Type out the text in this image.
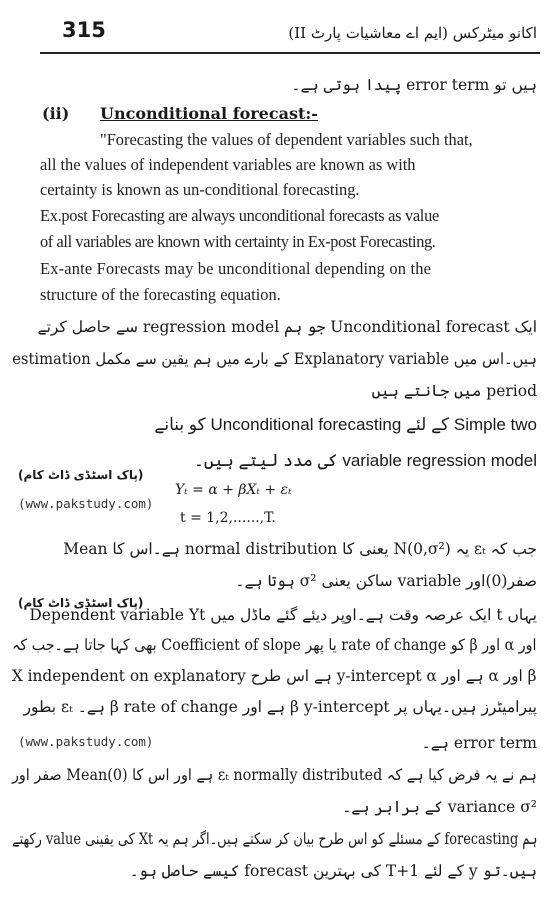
315	اکانو میٹرکس (ایم اے معاشیات پارٹ II)
ہیں تو error term پیدا ہوتی ہے۔
(ii) Unconditional forecast:-
"Forecasting the values of dependent variables such that,
all the values of independent variables are known as with
certainty is known as un-conditional forecasting.
Ex.post Forecasting are always unconditional forecasts as value
of all variables are known with certainty in Ex-post Forecasting.
Ex-ante Forecasts may be unconditional depending on the
structure of the forecasting equation.
ایک Unconditional forecast جو ہم regression model سے حاصل کرتے
ہیں۔اس میں Explanatory variable کے بارے میں ہم یقین سے مکمل estimation
period میں جانتے ہیں
Simple two کے لئے Unconditional forecasting کو بنانے
variable regression model کی مدد لیتے ہیں۔
(پاک اسٹڈی ڈاٹ کام)
(www.pakstudy.com)
Yₜ = α + βXₜ + εₜ
t = 1,2,......,T.
جب کہ εₜ یہ N(0,σ²) یعنی کا normal distribution ہے۔اس کا Mean
صفر(0)اور variable ساکن یعنی σ² ہوتا ہے۔
(پاک اسٹڈی ڈاٹ کام)
یہاں t ایک عرصہ وقت ہے۔اوپر دیئے گئے ماڈل میں Dependent variable Yt
اور α اور β کو rate of change یا پھر Coefficient of slope بھی کہا جاتا ہے۔جب کہ
β اور α ہے اور y-intercept α ہے اس طرح X independent on explanatory
پیرامیٹرز ہیں۔یہاں پر β y-intercept ہے اور β rate of change ہے۔ εₜ بطور
(www.pakstudy.com)	error term ہے۔
ہم نے یہ فرض کیا ہے کہ εₜ normally distributed ہے اور اس کا Mean(0) صفر اور
variance σ² کے برابر ہے۔
ہم forecasting کے مسئلے کو اس طرح بیان کر سکتے ہیں۔اگر ہم یہ Xt کی یقینی value رکھتے
ہیں۔تو y کے لئے T+1 کی بہترین forecast کیسے حاصل ہو۔
